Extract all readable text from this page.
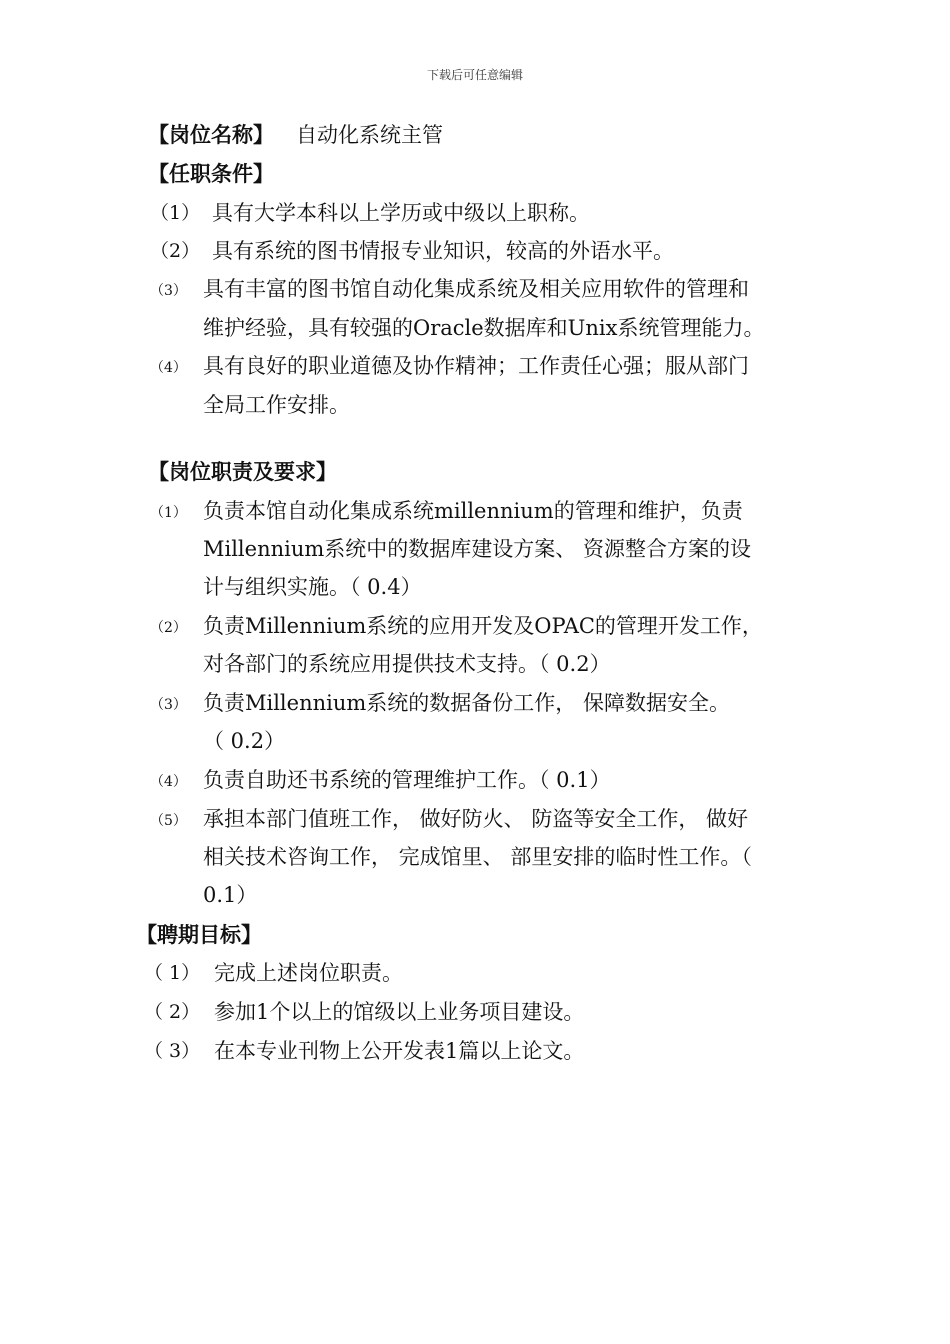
下载后可任意编辑
【岗位名称】 自动化系统主管
【任职条件】
（1） 具有大学本科以上学历或中级以上职称。
（2） 具有系统的图书情报专业知识，较高的外语水平。
（3） 具有丰富的图书馆自动化集成系统及相关应用软件的管理和
维护经验，具有较强的Oracle数据库和Unix系统管理能力。
（4） 具有良好的职业道德及协作精神；工作责任心强；服从部门
全局工作安排。
【岗位职责及要求】
（1） 负责本馆自动化集成系统millennium的管理和维护，负责
Millennium系统中的数据库建设方案、 资源整合方案的设
计与组织实施。（ 0.4）
（2） 负责Millennium系统的应用开发及OPAC的管理开发工作，
对各部门的系统应用提供技术支持。（ 0.2）
（3） 负责Millennium系统的数据备份工作， 保障数据安全。
（ 0.2）
（4） 负责自助还书系统的管理维护工作。（ 0.1）
（5） 承担本部门值班工作， 做好防火、 防盗等安全工作， 做好
相关技术咨询工作， 完成馆里、 部里安排的临时性工作。（
0.1）
【聘期目标】
（ 1） 完成上述岗位职责。
（ 2） 参加1个以上的馆级以上业务项目建设。
（ 3） 在本专业刊物上公开发表1篇以上论文。
